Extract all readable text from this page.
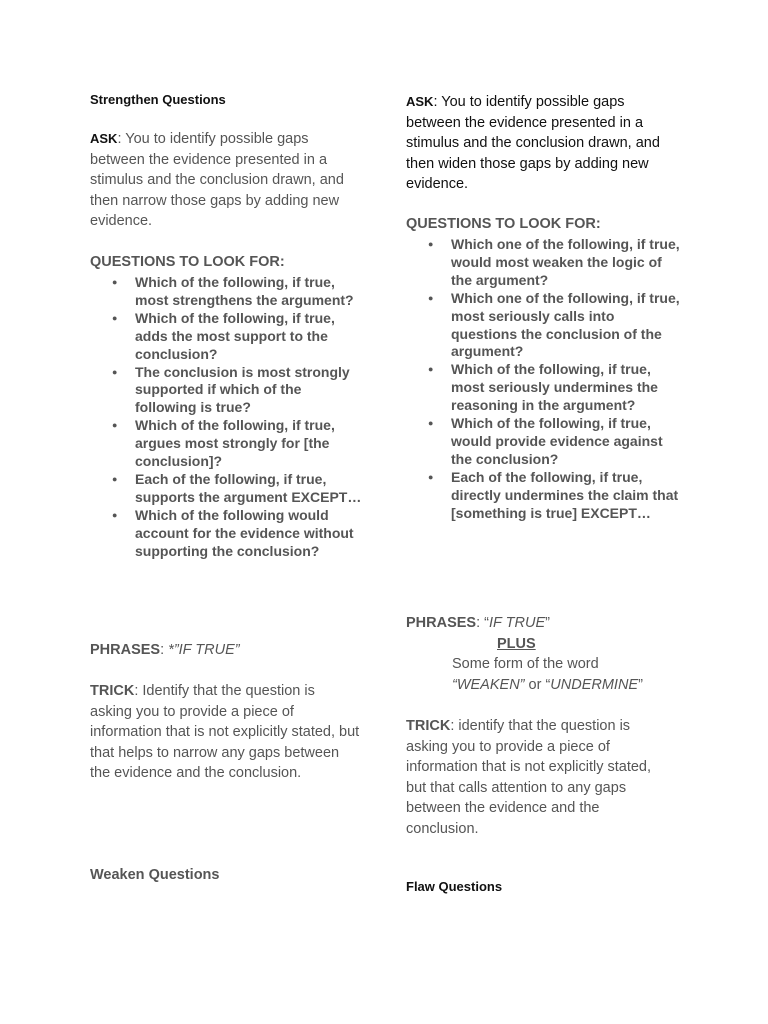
Strengthen Questions

ASK: You to identify possible gaps between the evidence presented in a stimulus and the conclusion drawn, and then narrow those gaps by adding new evidence.

QUESTIONS TO LOOK FOR:
● Which of the following, if true, most strengthens the argument?
● Which of the following, if true, adds the most support to the conclusion?
● The conclusion is most strongly supported if which of the following is true?
● Which of the following, if true, argues most strongly for [the conclusion]?
● Each of the following, if true, supports the argument EXCEPT…
● Which of the following would account for the evidence without supporting the conclusion?

PHRASES: *”IF TRUE”

TRICK: Identify that the question is asking you to provide a piece of information that is not explicitly stated, but that helps to narrow any gaps between the evidence and the conclusion.

Weaken Questions

ASK: You to identify possible gaps between the evidence presented in a stimulus and the conclusion drawn, and then widen those gaps by adding new evidence.

QUESTIONS TO LOOK FOR:
● Which one of the following, if true, would most weaken the logic of the argument?
● Which one of the following, if true, most seriously calls into questions the conclusion of the argument?
● Which of the following, if true, most seriously undermines the reasoning in the argument?
● Which of the following, if true, would provide evidence against the conclusion?
● Each of the following, if true, directly undermines the claim that [something is true] EXCEPT…

PHRASES: “IF TRUE”

PLUS
Some form of the word

“WEAKEN” or “UNDERMINE”

TRICK: identify that the question is asking you to provide a piece of information that is not explicitly stated, but that calls attention to any gaps between the evidence and the conclusion.

Flaw Questions
